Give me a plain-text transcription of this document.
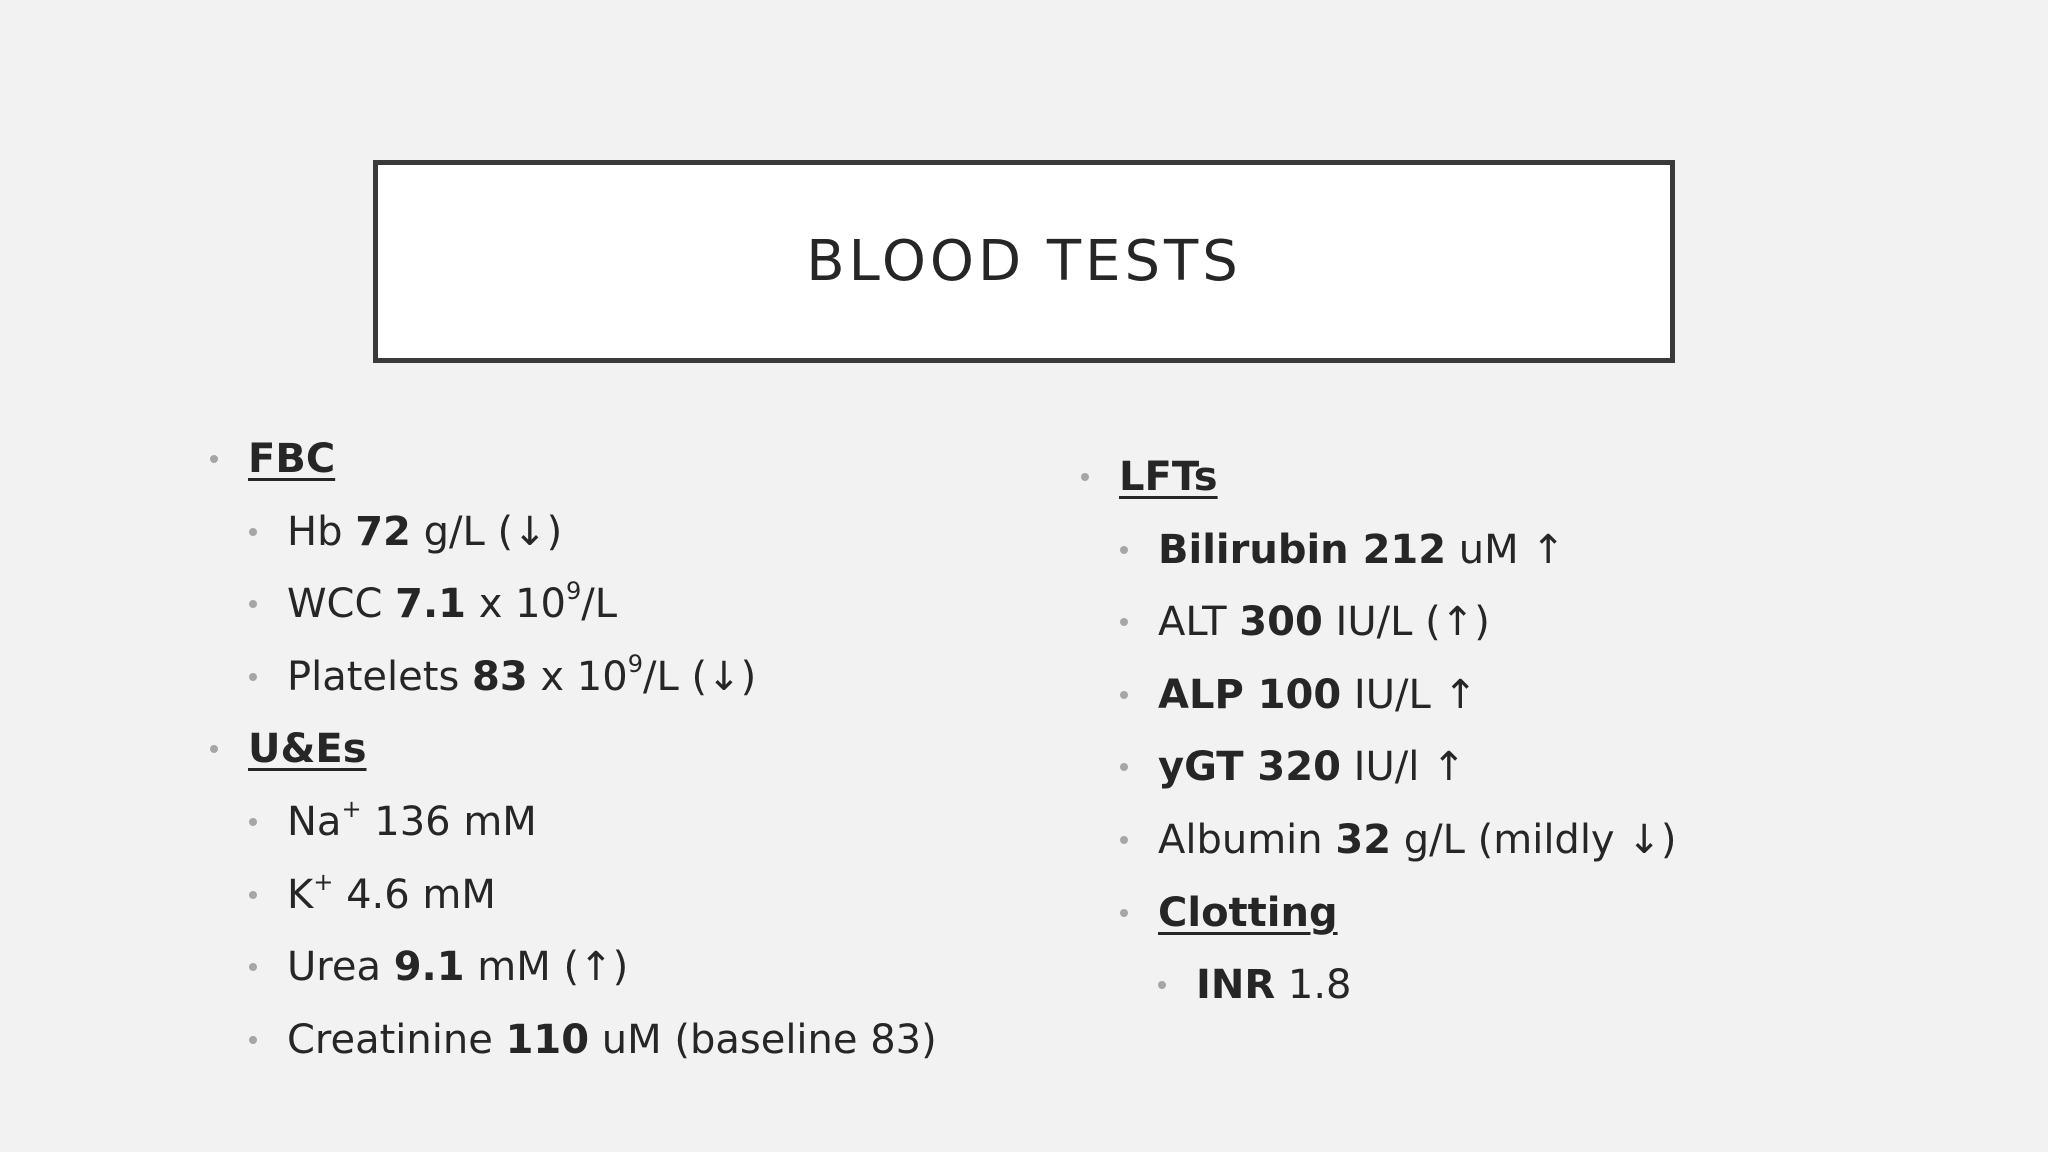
BLOOD TESTS
FBC
Hb 72 g/L (↓)
WCC 7.1 x $10^9/L$
Platelets 83 x $10^9/L$ (↓)
U&Es
Na+ 136 mM
K+ 4.6 mM
Urea 9.1 mM (↑)
Creatinine 110 uM (baseline 83)
LFTs
Bilirubin 212 uM ↑
ALT 300 IU/L (↑)
ALP 100 IU/L ↑
yGT 320 IU/l ↑
Albumin 32 g/L (mildly ↓)
Clotting
INR 1.8
